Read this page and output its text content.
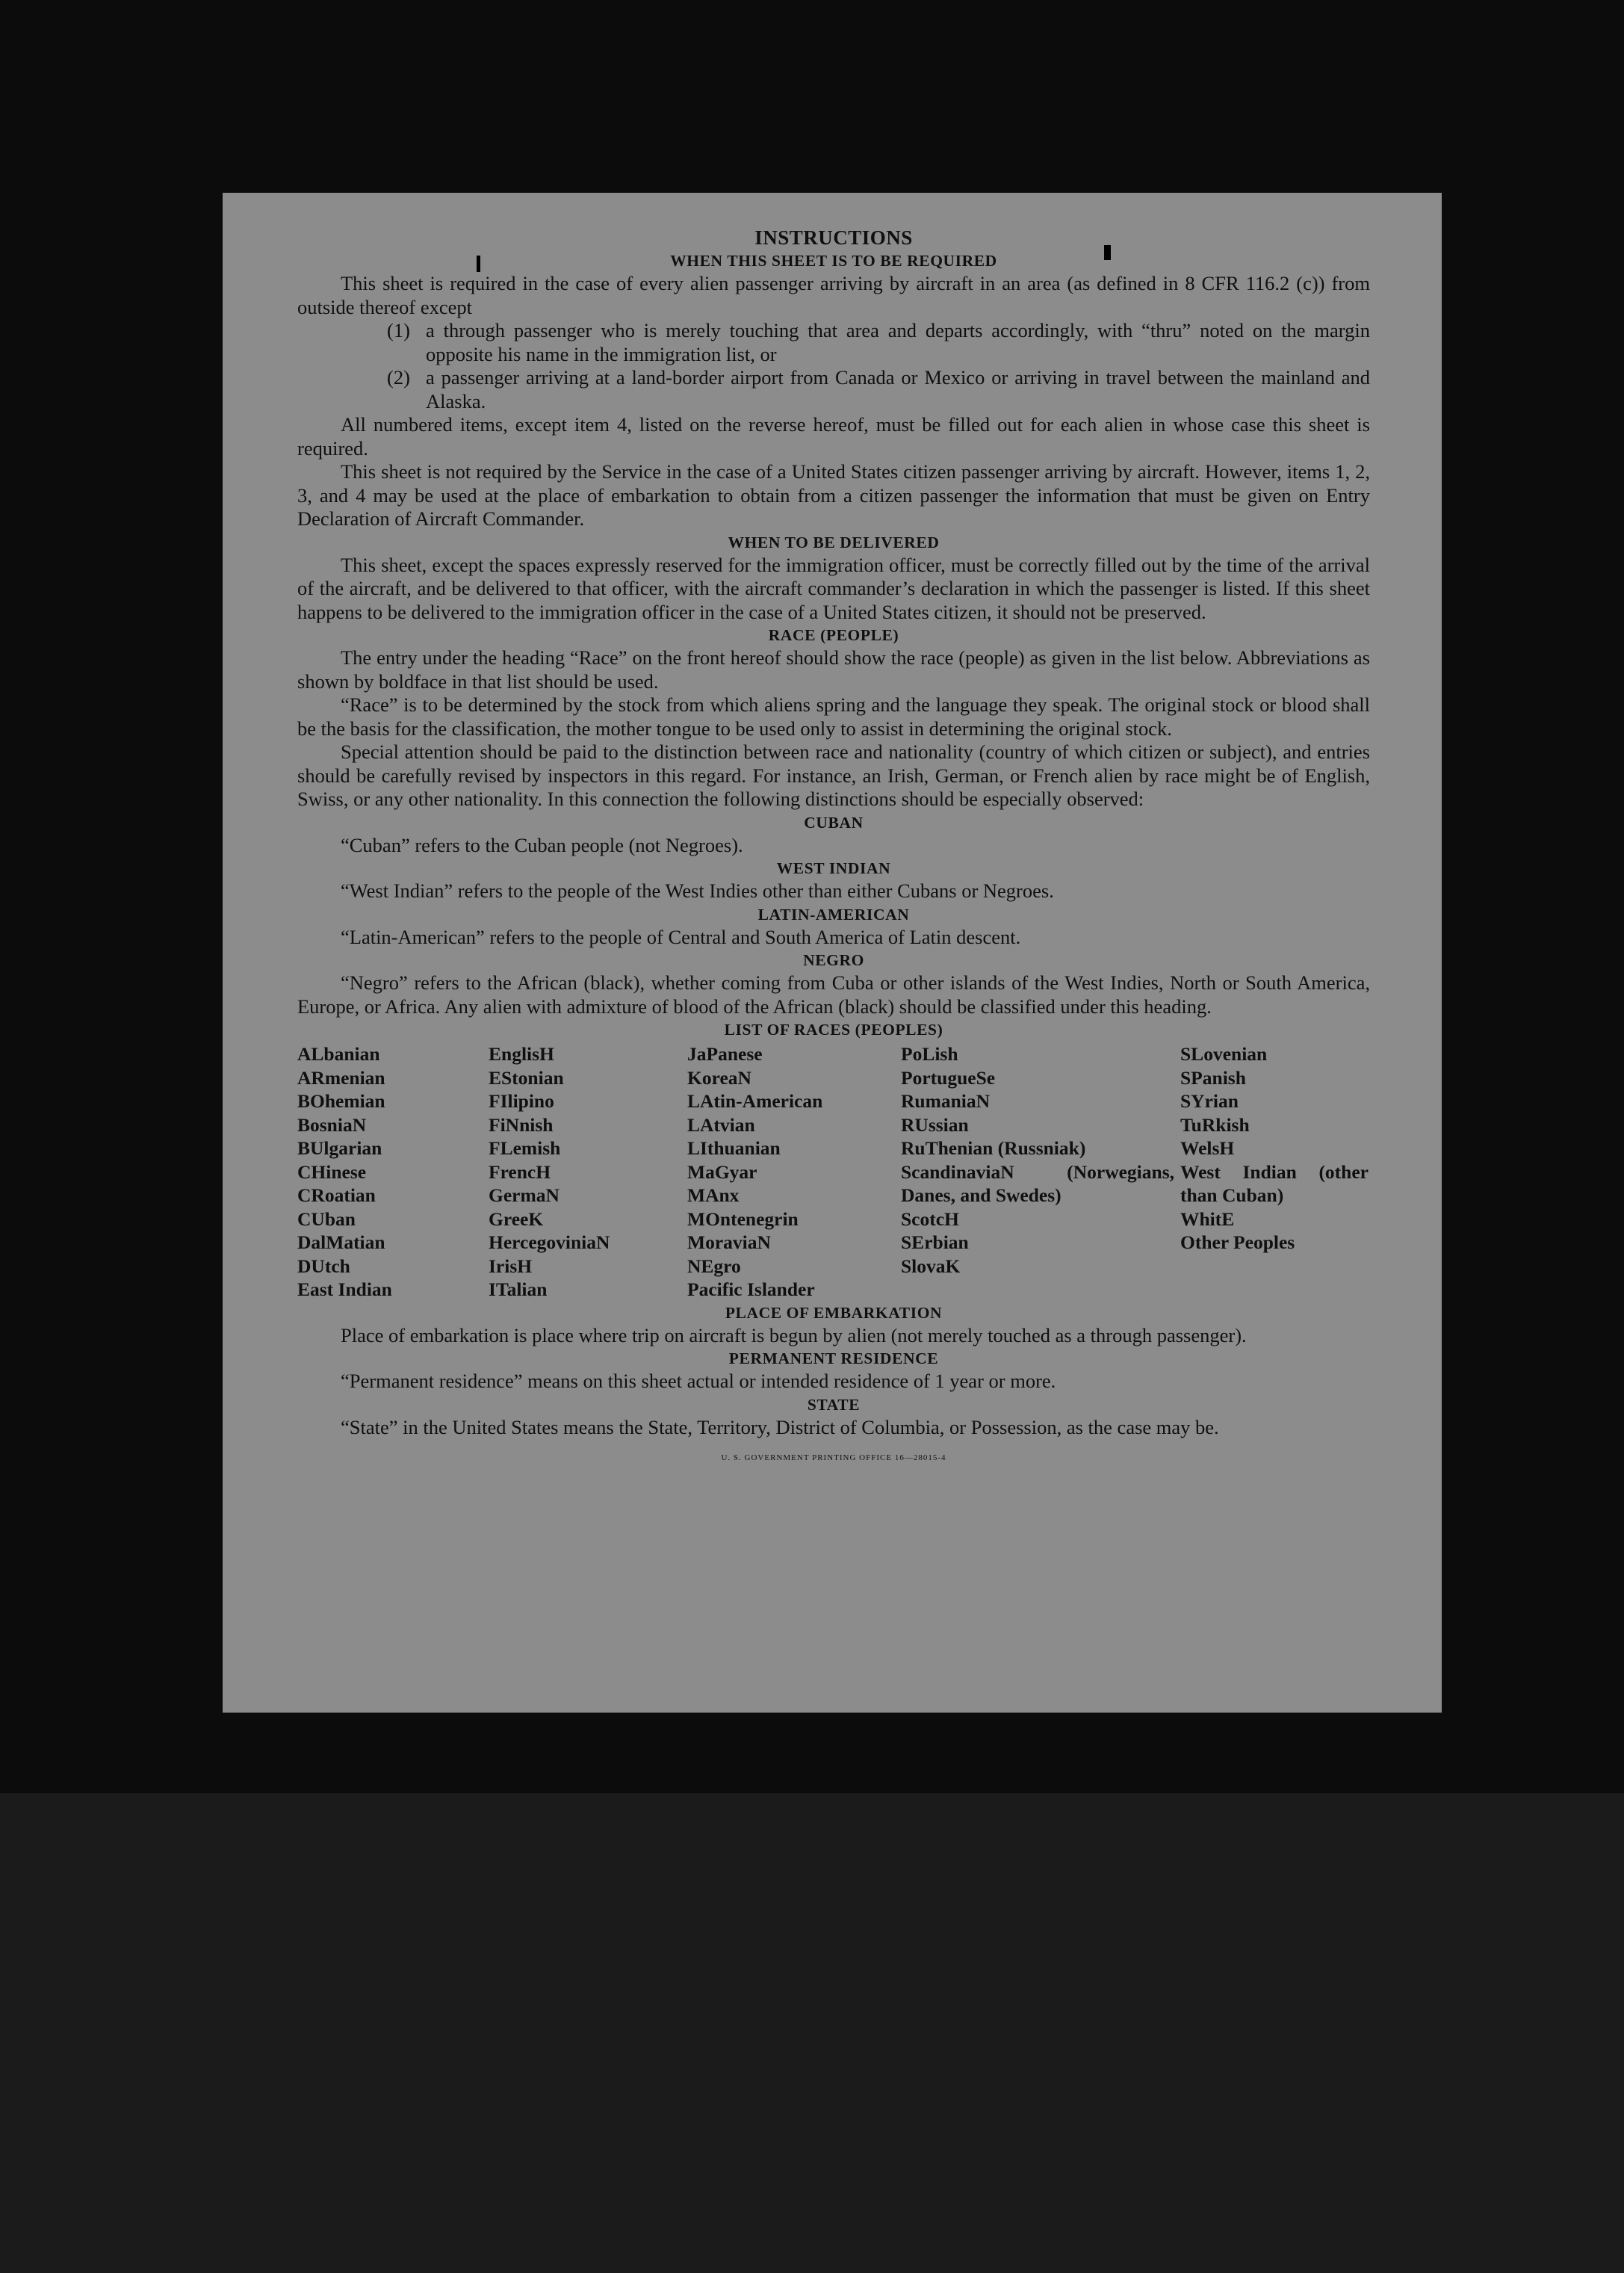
INSTRUCTIONS
WHEN THIS SHEET IS TO BE REQUIRED

This sheet is required in the case of every alien passenger arriving by aircraft in an area (as defined in 8 CFR 116.2 (c)) from outside thereof except

(1) a through passenger who is merely touching that area and departs accordingly, with “thru” noted on the margin opposite his name in the immigration list, or
(2) a passenger arriving at a land-border airport from Canada or Mexico or arriving in travel between the mainland and Alaska.

All numbered items, except item 4, listed on the reverse hereof, must be filled out for each alien in whose case this sheet is required.

This sheet is not required by the Service in the case of a United States citizen passenger arriving by aircraft. However, items 1, 2, 3, and 4 may be used at the place of embarkation to obtain from a citizen passenger the information that must be given on Entry Declaration of Aircraft Commander.

WHEN TO BE DELIVERED

This sheet, except the spaces expressly reserved for the immigration officer, must be correctly filled out by the time of the arrival of the aircraft, and be delivered to that officer, with the aircraft commander’s declaration in which the passenger is listed. If this sheet happens to be delivered to the immigration officer in the case of a United States citizen, it should not be preserved.

RACE (PEOPLE)

The entry under the heading “Race” on the front hereof should show the race (people) as given in the list below. Abbreviations as shown by boldface in that list should be used.

“Race” is to be determined by the stock from which aliens spring and the language they speak. The original stock or blood shall be the basis for the classification, the mother tongue to be used only to assist in determining the original stock.

Special attention should be paid to the distinction between race and nationality (country of which citizen or subject), and entries should be carefully revised by inspectors in this regard. For instance, an Irish, German, or French alien by race might be of English, Swiss, or any other nationality. In this connection the following distinctions should be especially observed:

CUBAN

“Cuban” refers to the Cuban people (not Negroes).

WEST INDIAN

“West Indian” refers to the people of the West Indies other than either Cubans or Negroes.

LATIN-AMERICAN

“Latin-American” refers to the people of Central and South America of Latin descent.

NEGRO

“Negro” refers to the African (black), whether coming from Cuba or other islands of the West Indies, North or South America, Europe, or Africa. Any alien with admixture of blood of the African (black) should be classified under this heading.

LIST OF RACES (PEOPLES)
ALbanian
ARmenian
BOhemian
BosniaN
BUlgarian
CHinese
CRoatian
CUban
DalMatian
DUtch
East Indian
EnglisH
EStonian
FIlipino
FiNnish
FLemish
FrencH
GermaN
GreeK
HercegoviniaN
IrisH
ITalian
JaPanese
KoreaN
LAtin-American
LAtvian
LIthuanian
MaGyar
MAnx
MOntenegrin
MoraviaN
NEgro
Pacific Islander
PoLish
PortugueSe
RumaniaN
RUssian
RuThenian (Russniak)
ScandinaviaN (Norwegians, Danes, and Swedes)
ScotcH
SErbian
SlovaK
SLovenian
SPanish
SYrian
TuRkish
WelsH
West Indian (other than Cuban)
WhitE
Other Peoples
PLACE OF EMBARKATION

Place of embarkation is place where trip on aircraft is begun by alien (not merely touched as a through passenger).

PERMANENT RESIDENCE

“Permanent residence” means on this sheet actual or intended residence of 1 year or more.

STATE

“State” in the United States means the State, Territory, District of Columbia, or Possession, as the case may be.

U. S. GOVERNMENT PRINTING OFFICE 16—28015-4
